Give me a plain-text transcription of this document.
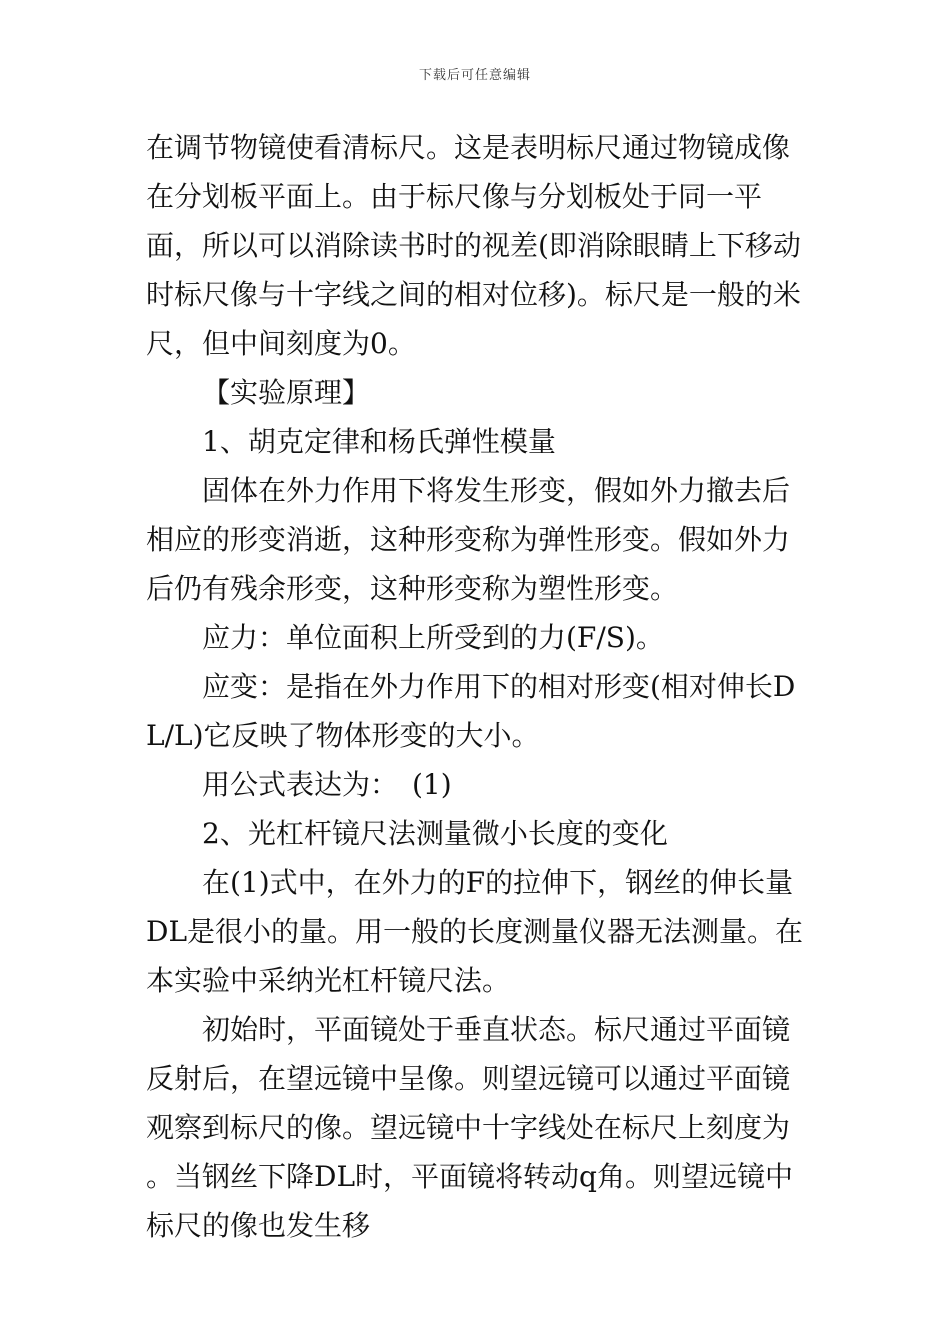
下载后可任意编辑

在调节物镜使看清标尺。这是表明标尺通过物镜成像在分划板平面上。由于标尺像与分划板处于同一平面，所以可以消除读书时的视差(即消除眼睛上下移动时标尺像与十字线之间的相对位移)。标尺是一般的米尺，但中间刻度为0。

【实验原理】

1、胡克定律和杨氏弹性模量

固体在外力作用下将发生形变，假如外力撤去后相应的形变消逝，这种形变称为弹性形变。假如外力后仍有残余形变，这种形变称为塑性形变。

应力：单位面积上所受到的力(F/S)。

应变：是指在外力作用下的相对形变(相对伸长DL/L)它反映了物体形变的大小。

用公式表达为：　(1)

2、光杠杆镜尺法测量微小长度的变化

在(1)式中，在外力的F的拉伸下，钢丝的伸长量DL是很小的量。用一般的长度测量仪器无法测量。在本实验中采纳光杠杆镜尺法。

初始时，平面镜处于垂直状态。标尺通过平面镜反射后，在望远镜中呈像。则望远镜可以通过平面镜观察到标尺的像。望远镜中十字线处在标尺上刻度为 。当钢丝下降DL时，平面镜将转动q角。则望远镜中标尺的像也发生移
